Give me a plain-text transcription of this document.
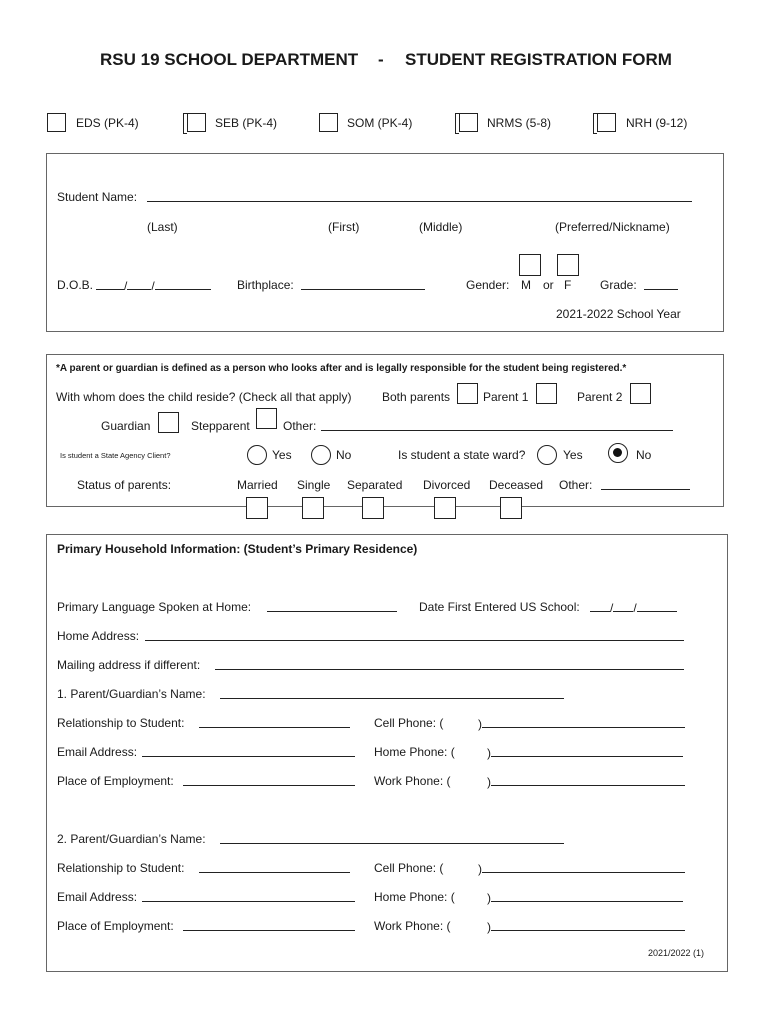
RSU 19 SCHOOL DEPARTMENT - STUDENT REGISTRATION FORM
EDS (PK-4)	SEB (PK-4)	SOM (PK-4)	NRMS (5-8)	NRH (9-12)
Student Name:
(Last)	(First)	(Middle)	(Preferred/Nickname)
D.O.B.	/ /	Birthplace:	Gender: M or F Grade:
2021-2022 School Year
*A parent or guardian is defined as a person who looks after and is legally responsible for the student being registered.*
With whom does the child reside? (Check all that apply)	Both parents	Parent 1	Parent 2
Guardian	Stepparent	Other:
Is student a State Agency Client?	Yes	No	Is student a state ward?	Yes	No
Status of parents:	Married Single Separated Divorced Deceased Other:
Primary Household Information: (Student’s Primary Residence)
Primary Language Spoken at Home:	Date First Entered US School:	/ /
Home Address:
Mailing address if different:
1. Parent/Guardian’s Name:
Relationship to Student:	Cell Phone: (	)
Email Address:	Home Phone: (	)
Place of Employment:	Work Phone: (	)
2. Parent/Guardian’s Name:
Relationship to Student:	Cell Phone: (	)
Email Address:	Home Phone: (	)
Place of Employment:	Work Phone: (	)
2021/2022 (1)
